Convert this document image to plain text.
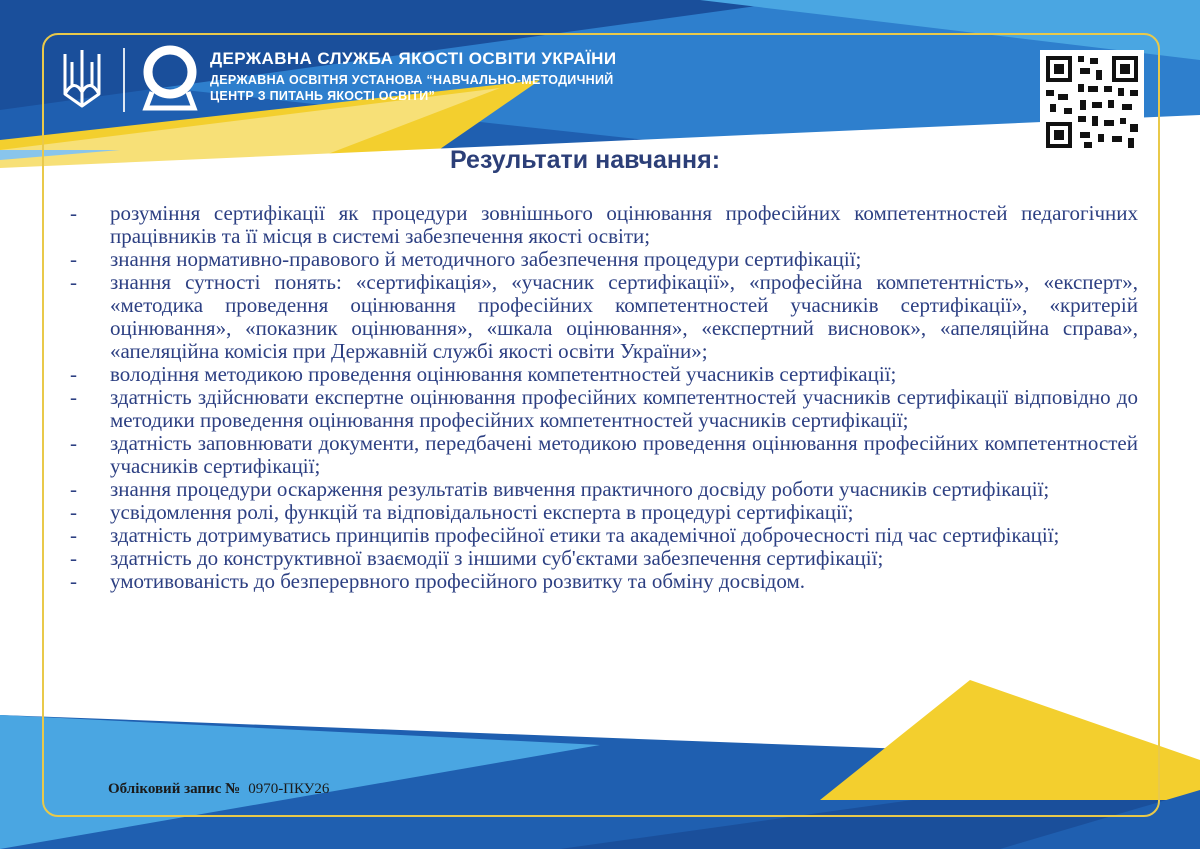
ДЕРЖАВНА СЛУЖБА ЯКОСТІ ОСВІТИ УКРАЇНИ
ДЕРЖАВНА ОСВІТНЯ УСТАНОВА “НАВЧАЛЬНО-МЕТОДИЧНИЙ ЦЕНТР З ПИТАНЬ ЯКОСТІ ОСВІТИ”
Результати навчання:
-	розуміння сертифікації як процедури зовнішнього оцінювання професійних компетентностей педагогічних працівників та її місця в системі забезпечення якості освіти;
-	знання нормативно-правового й методичного забезпечення процедури сертифікації;
-	знання сутності понять: «сертифікація», «учасник сертифікації», «професійна компетентність», «експерт», «методика проведення оцінювання професійних компетентностей учасників сертифікації», «критерій оцінювання», «показник оцінювання», «шкала оцінювання», «експертний висновок», «апеляційна справа», «апеляційна комісія при Державній службі якості освіти України»;
-	володіння методикою проведення оцінювання компетентностей учасників сертифікації;
-	здатність здійснювати експертне оцінювання професійних компетентностей учасників сертифікації відповідно до методики проведення оцінювання професійних компетентностей учасників сертифікації;
-	здатність заповнювати документи, передбачені методикою проведення оцінювання професійних компетентностей учасників сертифікації;
-	знання процедури оскарження результатів вивчення практичного досвіду роботи учасників сертифікації;
-	усвідомлення ролі, функцій та відповідальності експерта в процедурі сертифікації;
-	здатність дотримуватись принципів професійної етики та академічної доброчесності під час сертифікації;
-	здатність до конструктивної взаємодії з іншими суб'єктами забезпечення сертифікації;
-	умотивованість до безперервного професійного розвитку та обміну досвідом.
Обліковий запис № 0970-ПКУ26
